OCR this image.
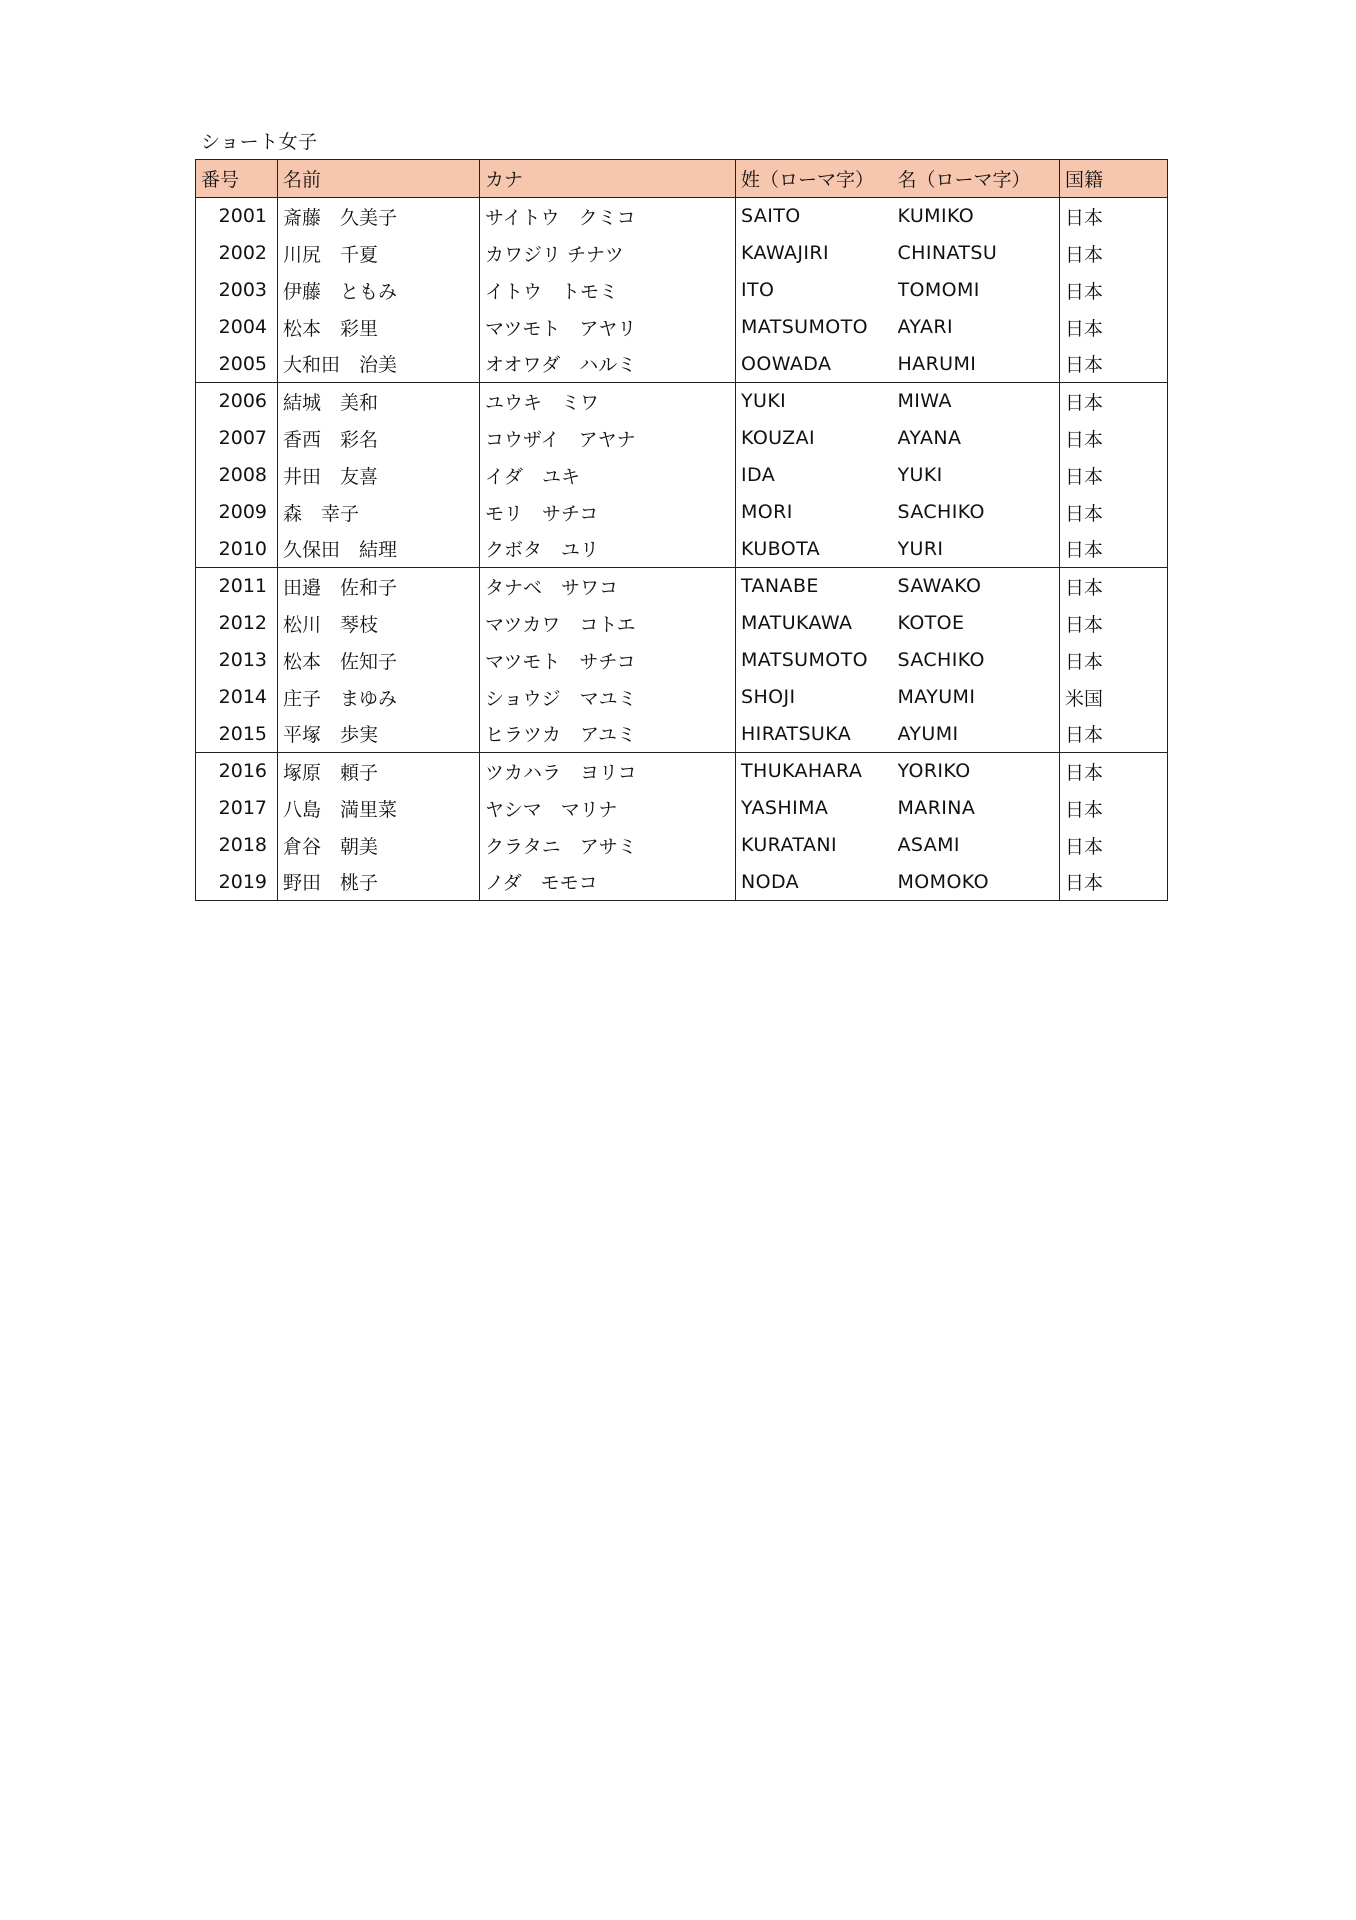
ショート女子
番号	名前	カナ	姓（ローマ字）	名（ローマ字）	国籍
2001	斎藤　久美子	サイトウ　クミコ	SAITO	KUMIKO	日本
2002	川尻　千夏	カワジリ チナツ	KAWAJIRI	CHINATSU	日本
2003	伊藤　ともみ	イトウ　トモミ	ITO	TOMOMI	日本
2004	松本　彩里	マツモト　アヤリ	MATSUMOTO	AYARI	日本
2005	大和田　治美	オオワダ　ハルミ	OOWADA	HARUMI	日本
2006	結城　美和	ユウキ　ミワ	YUKI	MIWA	日本
2007	香西　彩名	コウザイ　アヤナ	KOUZAI	AYANA	日本
2008	井田　友喜	イダ　ユキ	IDA	YUKI	日本
2009	森　幸子	モリ　サチコ	MORI	SACHIKO	日本
2010	久保田　結理	クボタ　ユリ	KUBOTA	YURI	日本
2011	田邉　佐和子	タナベ　サワコ	TANABE	SAWAKO	日本
2012	松川　琴枝	マツカワ　コトエ	MATUKAWA	KOTOE	日本
2013	松本　佐知子	マツモト　サチコ	MATSUMOTO	SACHIKO	日本
2014	庄子　まゆみ	ショウジ　マユミ	SHOJI	MAYUMI	米国
2015	平塚　歩実	ヒラツカ　アユミ	HIRATSUKA	AYUMI	日本
2016	塚原　頼子	ツカハラ　ヨリコ	THUKAHARA	YORIKO	日本
2017	八島　満里菜	ヤシマ　マリナ	YASHIMA	MARINA	日本
2018	倉谷　朝美	クラタニ　アサミ	KURATANI	ASAMI	日本
2019	野田　桃子	ノダ　モモコ	NODA	MOMOKO	日本
